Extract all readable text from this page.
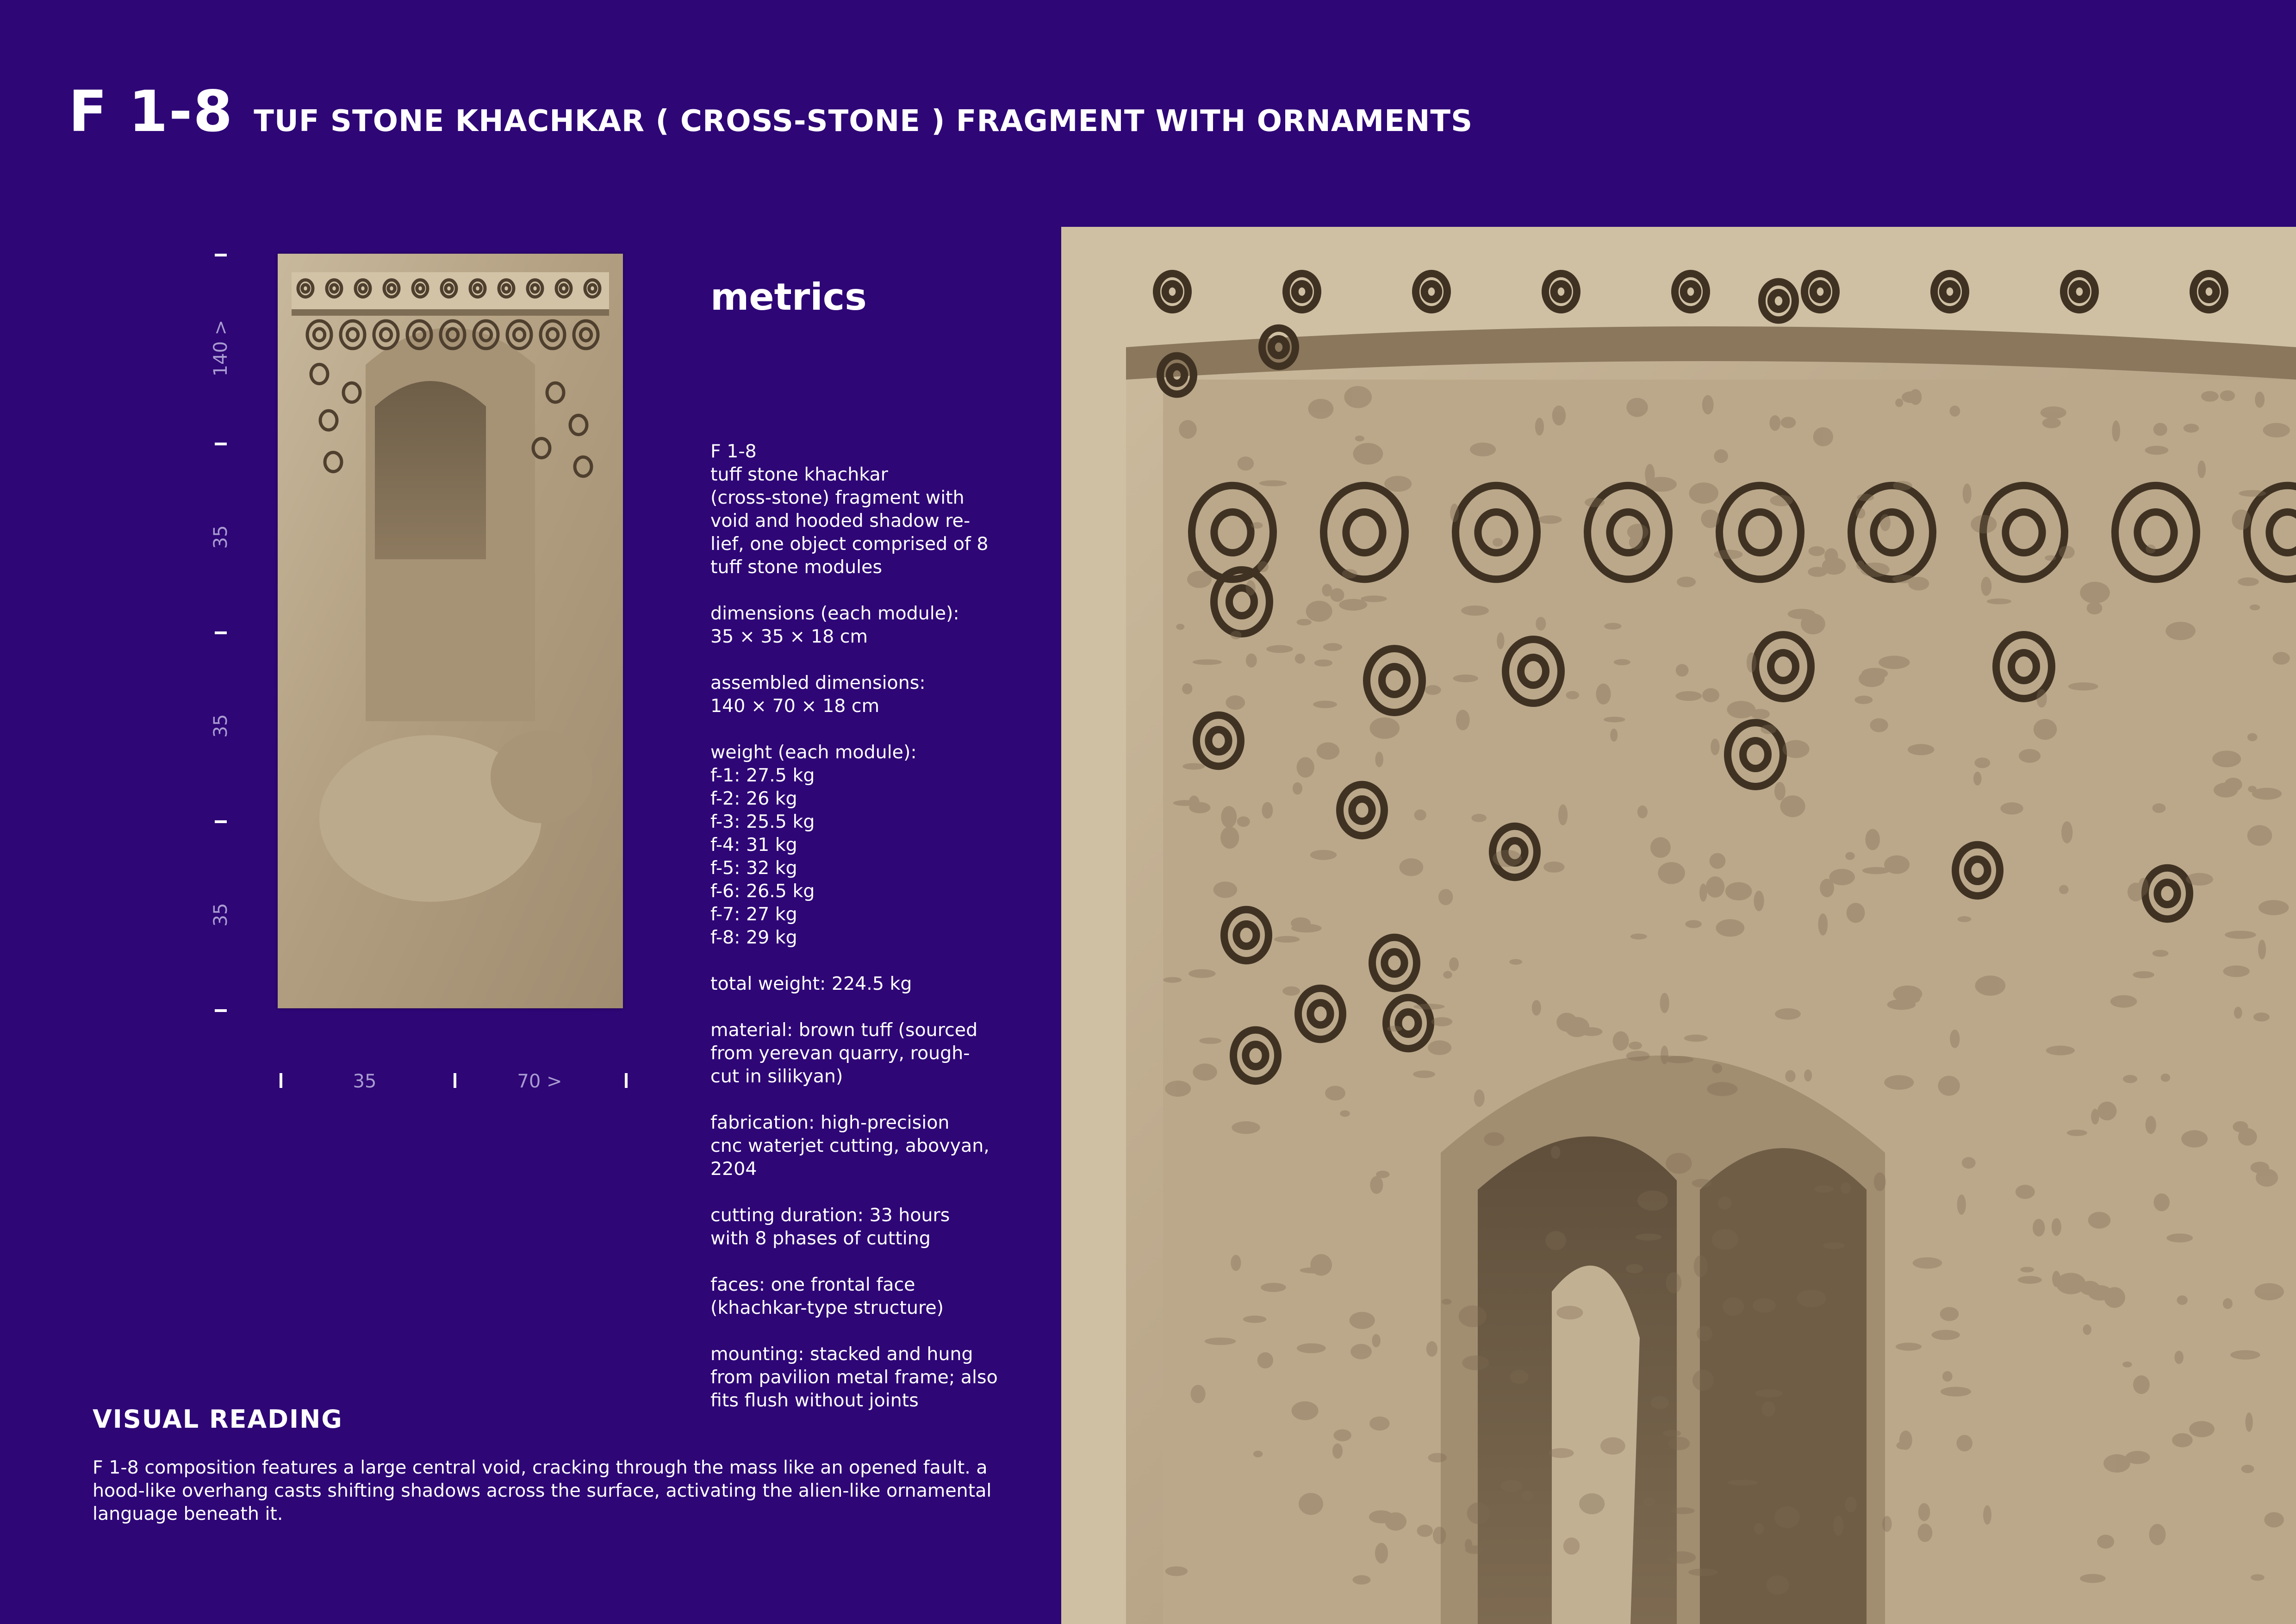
F 1-8 TUF STONE KHACHKAR ( CROSS-STONE ) FRAGMENT WITH ORNAMENTS
140 >
35
35
35
35	70 >
metrics

F 1-8
tuff stone khachkar
(cross-stone) fragment with
void and hooded shadow re-
lief, one object comprised of 8
tuff stone modules

dimensions (each module):
35 × 35 × 18 cm

assembled dimensions:
140 × 70 × 18 cm

weight (each module):
f-1: 27.5 kg
f-2: 26 kg
f-3: 25.5 kg
f-4: 31 kg
f-5: 32 kg
f-6: 26.5 kg
f-7: 27 kg
f-8: 29 kg

total weight: 224.5 kg

material: brown tuff (sourced
from yerevan quarry, rough-
cut in silikyan)

fabrication: high-precision
cnc waterjet cutting, abovyan,
2204

cutting duration: 33 hours
with 8 phases of cutting

faces: one frontal face
(khachkar-type structure)

mounting: stacked and hung
from pavilion metal frame; also
fits flush without joints

VISUAL READING
F 1-8 composition features a large central void, cracking through the mass like an opened fault. a
hood-like overhang casts shifting shadows across the surface, activating the alien-like ornamental
language beneath it.
